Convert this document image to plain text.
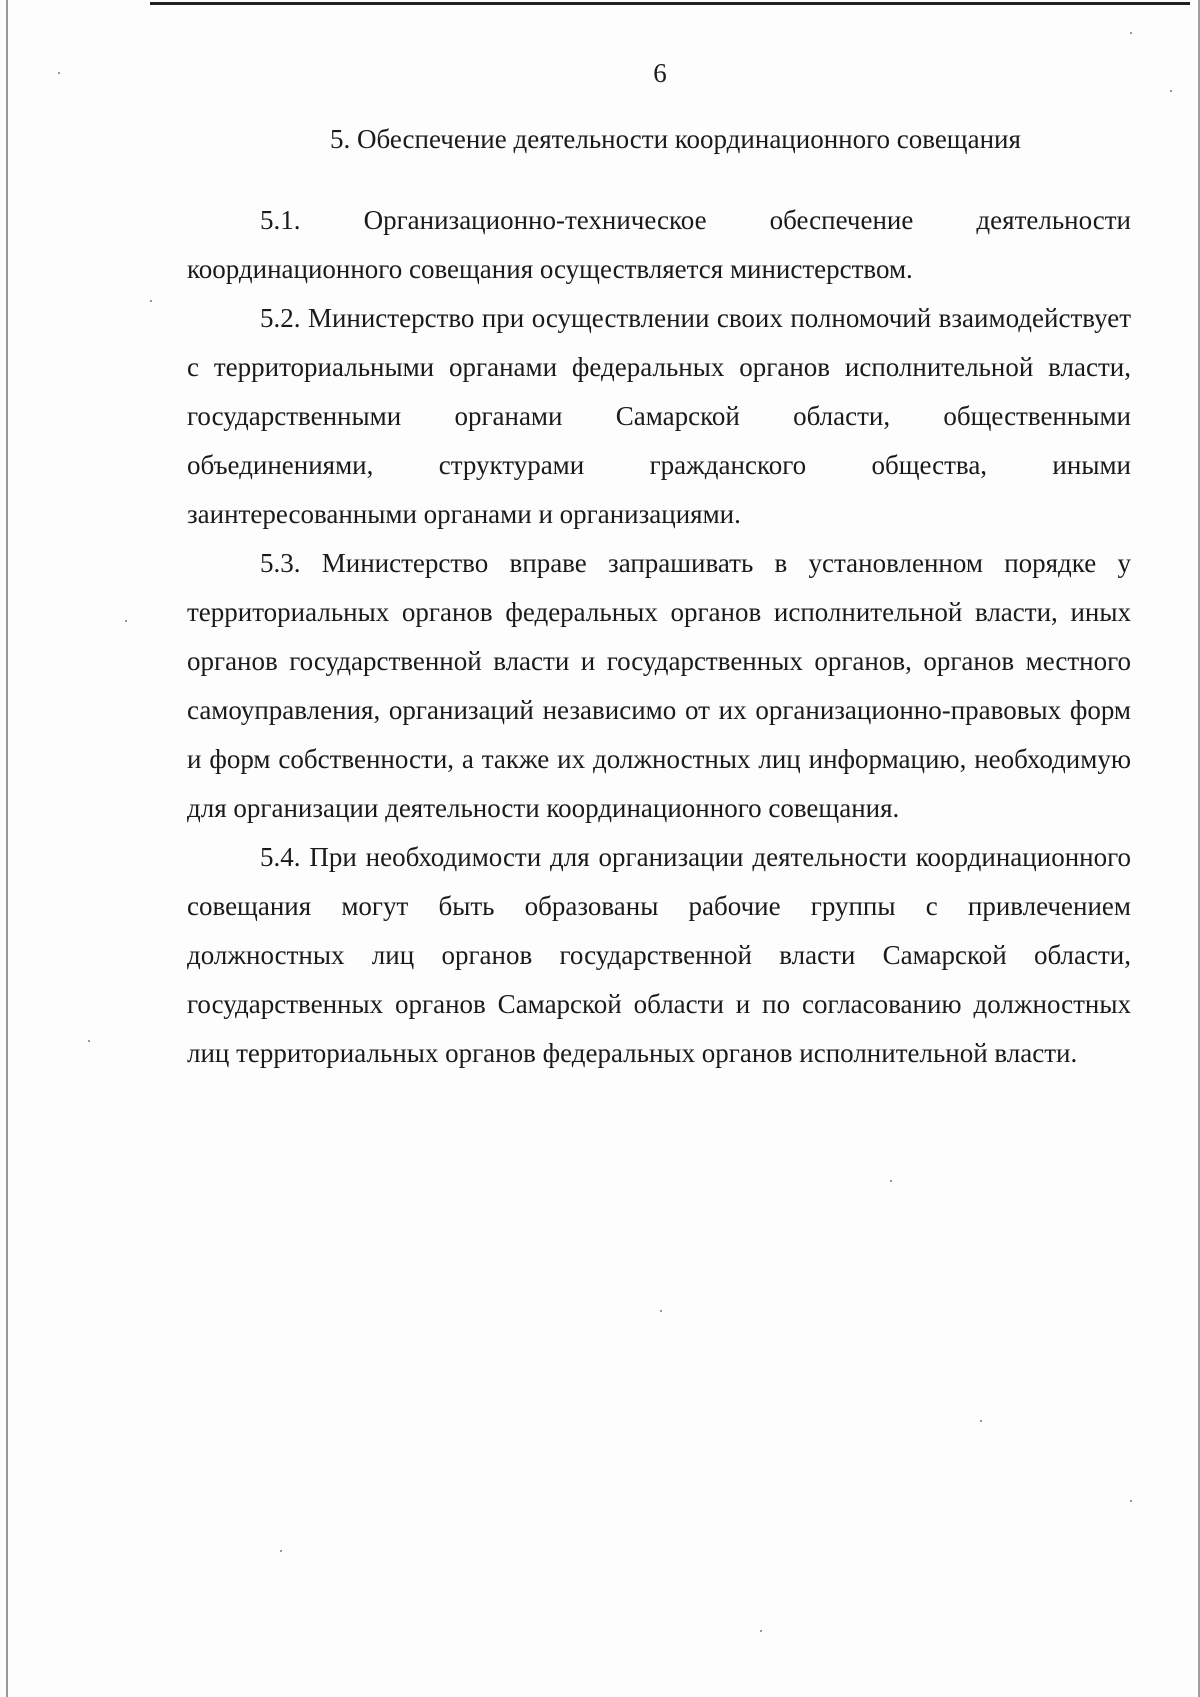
6
5. Обеспечение деятельности координационного совещания

5.1. Организационно-техническое обеспечение деятельности координационного совещания осуществляется министерством.

5.2. Министерство при осуществлении своих полномочий взаимодействует с территориальными органами федеральных органов исполнительной власти, государственными органами Самарской области, общественными объединениями, структурами гражданского общества, иными заинтересованными органами и организациями.

5.3. Министерство вправе запрашивать в установленном порядке у территориальных органов федеральных органов исполнительной власти, иных органов государственной власти и государственных органов, органов местного самоуправления, организаций независимо от их организационно-правовых форм и форм собственности, а также их должностных лиц информацию, необходимую для организации деятельности координационного совещания.

5.4. При необходимости для организации деятельности координационного совещания могут быть образованы рабочие группы с привлечением должностных лиц органов государственной власти Самарской области, государственных органов Самарской области и по согласованию должностных лиц территориальных органов федеральных органов исполнительной власти.
